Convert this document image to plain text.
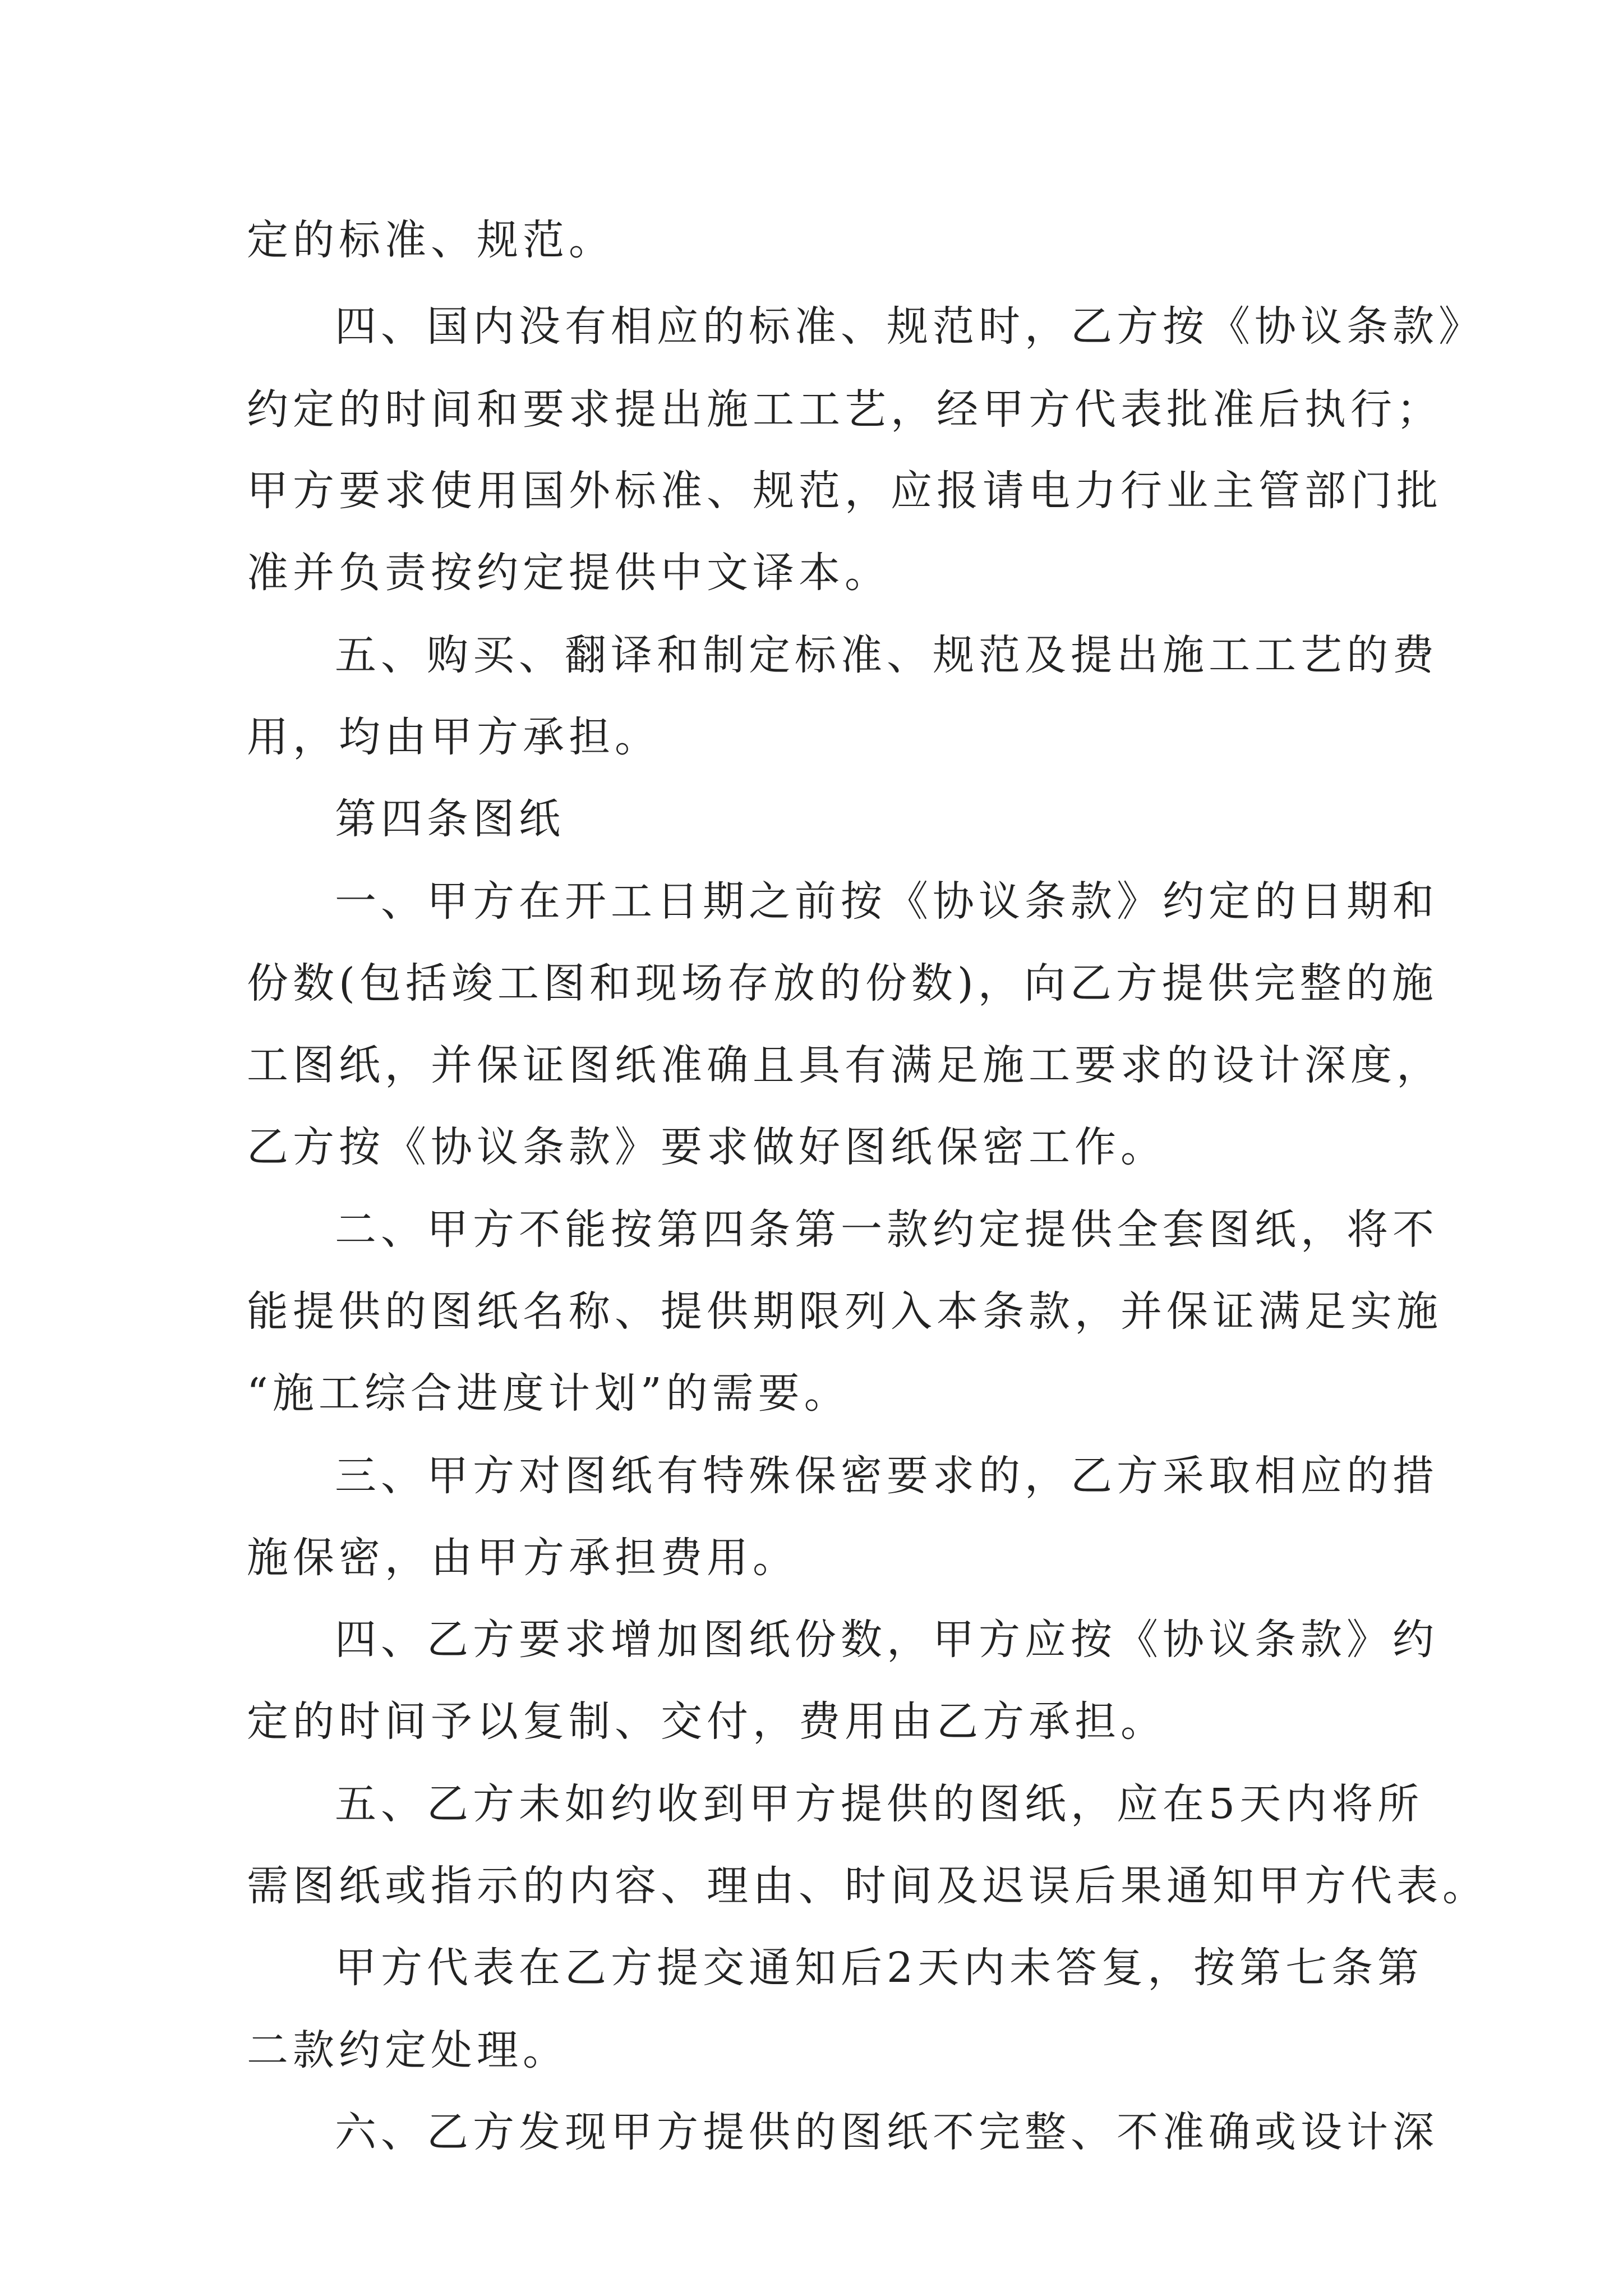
定的标准、规范。
四、国内没有相应的标准、规范时，乙方按《协议条款》
约定的时间和要求提出施工工艺，经甲方代表批准后执行；
甲方要求使用国外标准、规范，应报请电力行业主管部门批
准并负责按约定提供中文译本。
五、购买、翻译和制定标准、规范及提出施工工艺的费
用，均由甲方承担。
第四条图纸
一、甲方在开工日期之前按《协议条款》约定的日期和
份数(包括竣工图和现场存放的份数)，向乙方提供完整的施
工图纸，并保证图纸准确且具有满足施工要求的设计深度，
乙方按《协议条款》要求做好图纸保密工作。
二、甲方不能按第四条第一款约定提供全套图纸，将不
能提供的图纸名称、提供期限列入本条款，并保证满足实施
“施工综合进度计划”的需要。
三、甲方对图纸有特殊保密要求的，乙方采取相应的措
施保密，由甲方承担费用。
四、乙方要求增加图纸份数，甲方应按《协议条款》约
定的时间予以复制、交付，费用由乙方承担。
五、乙方未如约收到甲方提供的图纸，应在5天内将所
需图纸或指示的内容、理由、时间及迟误后果通知甲方代表。
甲方代表在乙方提交通知后2天内未答复，按第七条第
二款约定处理。
六、乙方发现甲方提供的图纸不完整、不准确或设计深
